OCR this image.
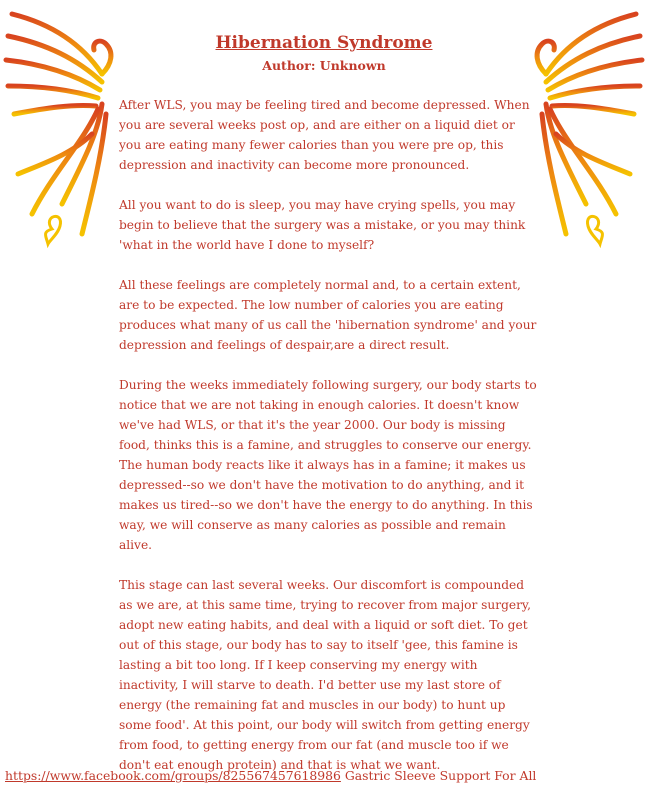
Hibernation Syndrome
Author: Unknown

After WLS, you may be feeling tired and become depressed. When you are several weeks post op, and are either on a liquid diet or you are eating many fewer calories than you were pre op, this depression and inactivity can become more pronounced.

All you want to do is sleep, you may have crying spells, you may begin to believe that the surgery was a mistake, or you may think 'what in the world have I done to myself?

All these feelings are completely normal and, to a certain extent, are to be expected. The low number of calories you are eating produces what many of us call the 'hibernation syndrome' and your depression and feelings of despair,are a direct result.

During the weeks immediately following surgery, our body starts to notice that we are not taking in enough calories. It doesn't know we've had WLS, or that it's the year 2000. Our body is missing food, thinks this is a famine, and struggles to conserve our energy. The human body reacts like it always has in a famine; it makes us depressed--so we don't have the motivation to do anything, and it makes us tired--so we don't have the energy to do anything. In this way, we will conserve as many calories as possible and remain alive.

This stage can last several weeks. Our discomfort is compounded as we are, at this same time, trying to recover from major surgery, adopt new eating habits, and deal with a liquid or soft diet. To get out of this stage, our body has to say to itself 'gee, this famine is lasting a bit too long. If I keep conserving my energy with inactivity, I will starve to death. I'd better use my last store of energy (the remaining fat and muscles in our body) to hunt up some food'. At this point, our body will switch from getting energy from food, to getting energy from our fat (and muscle too if we don't eat enough protein) and that is what we want.

https://www.facebook.com/groups/825567457618986 Gastric Sleeve Support For All
